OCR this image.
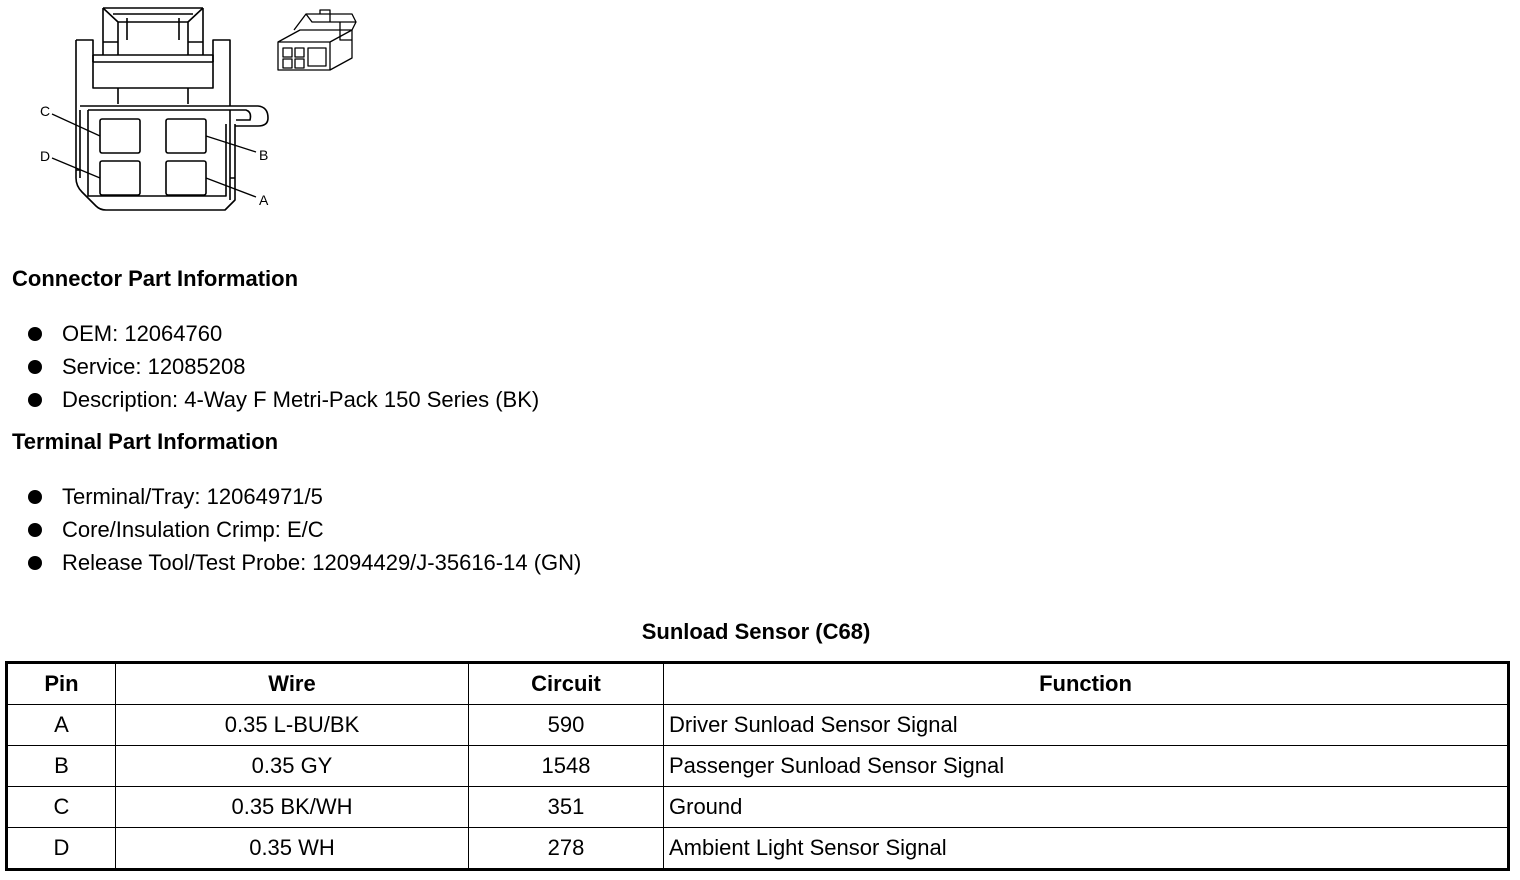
C
D	B
A
Connector Part Information
OEM: 12064760
Service: 12085208
Description: 4-Way F Metri-Pack 150 Series (BK)
Terminal Part Information
Terminal/Tray: 12064971/5
Core/Insulation Crimp: E/C
Release Tool/Test Probe: 12094429/J-35616-14 (GN)
Sunload Sensor (C68)
Pin	Wire	Circuit	Function
A	0.35 L-BU/BK	590	Driver Sunload Sensor Signal
B	0.35 GY	1548	Passenger Sunload Sensor Signal
C	0.35 BK/WH	351	Ground
D	0.35 WH	278	Ambient Light Sensor Signal
